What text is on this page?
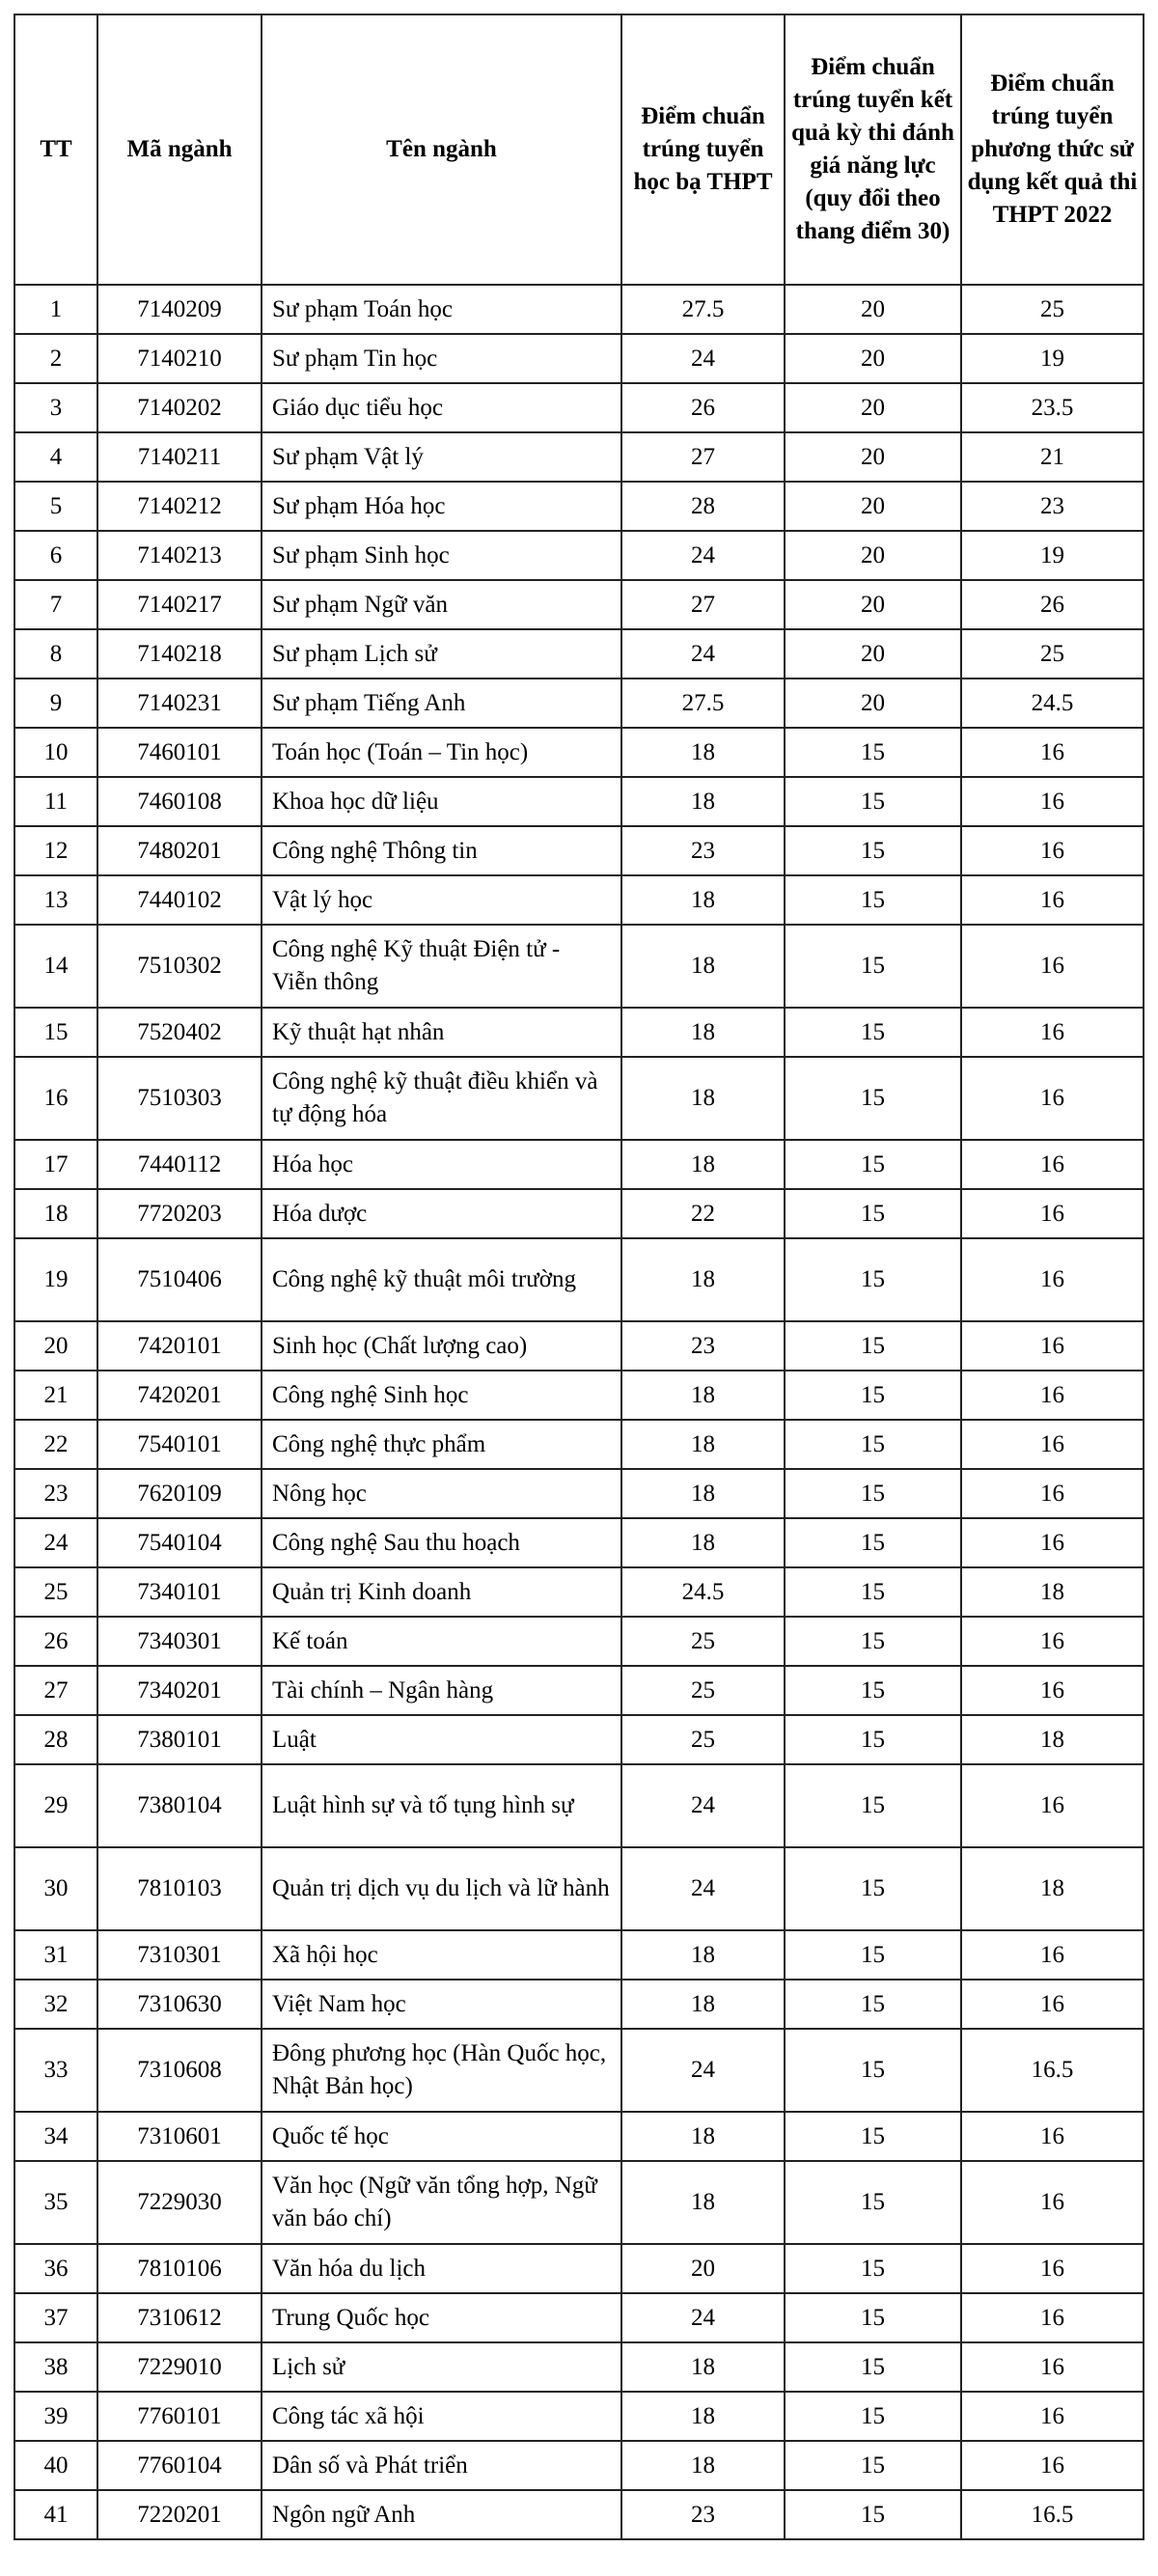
TT	Mã ngành	Tên ngành	Điểm chuẩn trúng tuyển học bạ THPT	Điểm chuẩn trúng tuyển kết quả kỳ thi đánh giá năng lực (quy đổi theo thang điểm 30)	Điểm chuẩn trúng tuyển phương thức sử dụng kết quả thi THPT 2022
1	7140209	Sư phạm Toán học	27.5	20	25
2	7140210	Sư phạm Tin học	24	20	19
3	7140202	Giáo dục tiểu học	26	20	23.5
4	7140211	Sư phạm Vật lý	27	20	21
5	7140212	Sư phạm Hóa học	28	20	23
6	7140213	Sư phạm Sinh học	24	20	19
7	7140217	Sư phạm Ngữ văn	27	20	26
8	7140218	Sư phạm Lịch sử	24	20	25
9	7140231	Sư phạm Tiếng Anh	27.5	20	24.5
10	7460101	Toán học (Toán – Tin học)	18	15	16
11	7460108	Khoa học dữ liệu	18	15	16
12	7480201	Công nghệ Thông tin	23	15	16
13	7440102	Vật lý học	18	15	16
14	7510302	Công nghệ Kỹ thuật Điện tử - Viễn thông	18	15	16
15	7520402	Kỹ thuật hạt nhân	18	15	16
16	7510303	Công nghệ kỹ thuật điều khiển và tự động hóa	18	15	16
17	7440112	Hóa học	18	15	16
18	7720203	Hóa dược	22	15	16
19	7510406	Công nghệ kỹ thuật môi trường	18	15	16
20	7420101	Sinh học (Chất lượng cao)	23	15	16
21	7420201	Công nghệ Sinh học	18	15	16
22	7540101	Công nghệ thực phẩm	18	15	16
23	7620109	Nông học	18	15	16
24	7540104	Công nghệ Sau thu hoạch	18	15	16
25	7340101	Quản trị Kinh doanh	24.5	15	18
26	7340301	Kế toán	25	15	16
27	7340201	Tài chính – Ngân hàng	25	15	16
28	7380101	Luật	25	15	18
29	7380104	Luật hình sự và tố tụng hình sự	24	15	16
30	7810103	Quản trị dịch vụ du lịch và lữ hành	24	15	18
31	7310301	Xã hội học	18	15	16
32	7310630	Việt Nam học	18	15	16
33	7310608	Đông phương học (Hàn Quốc học, Nhật Bản học)	24	15	16.5
34	7310601	Quốc tế học	18	15	16
35	7229030	Văn học (Ngữ văn tổng hợp, Ngữ văn báo chí)	18	15	16
36	7810106	Văn hóa du lịch	20	15	16
37	7310612	Trung Quốc học	24	15	16
38	7229010	Lịch sử	18	15	16
39	7760101	Công tác xã hội	18	15	16
40	7760104	Dân số và Phát triển	18	15	16
41	7220201	Ngôn ngữ Anh	23	15	16.5
